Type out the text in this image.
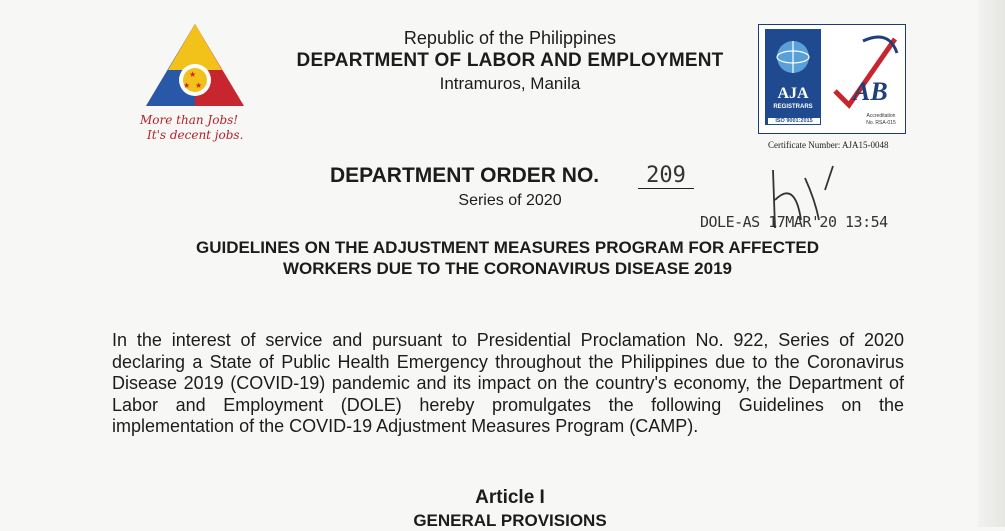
★
★ ★
More than Jobs!
It's decent jobs.
Republic of the Philippines
DEPARTMENT OF LABOR AND EMPLOYMENT
Intramuros, Manila
AJA
REGISTRARS
ISO 9001:2015
AB
Accreditation No. RSA-015
Certificate Number: AJA15-0048
DEPARTMENT ORDER NO.	209
Series of 2020
DOLE-AS 17MAR'20 13:54
GUIDELINES ON THE ADJUSTMENT MEASURES PROGRAM FOR AFFECTED
WORKERS DUE TO THE CORONAVIRUS DISEASE 2019
In the interest of service and pursuant to Presidential Proclamation No. 922, Series of 2020 declaring a State of Public Health Emergency throughout the Philippines due to the Coronavirus Disease 2019 (COVID-19) pandemic and its impact on the country's economy, the Department of Labor and Employment (DOLE) hereby promulgates the following Guidelines on the implementation of the COVID-19 Adjustment Measures Program (CAMP).
Article I
GENERAL PROVISIONS
